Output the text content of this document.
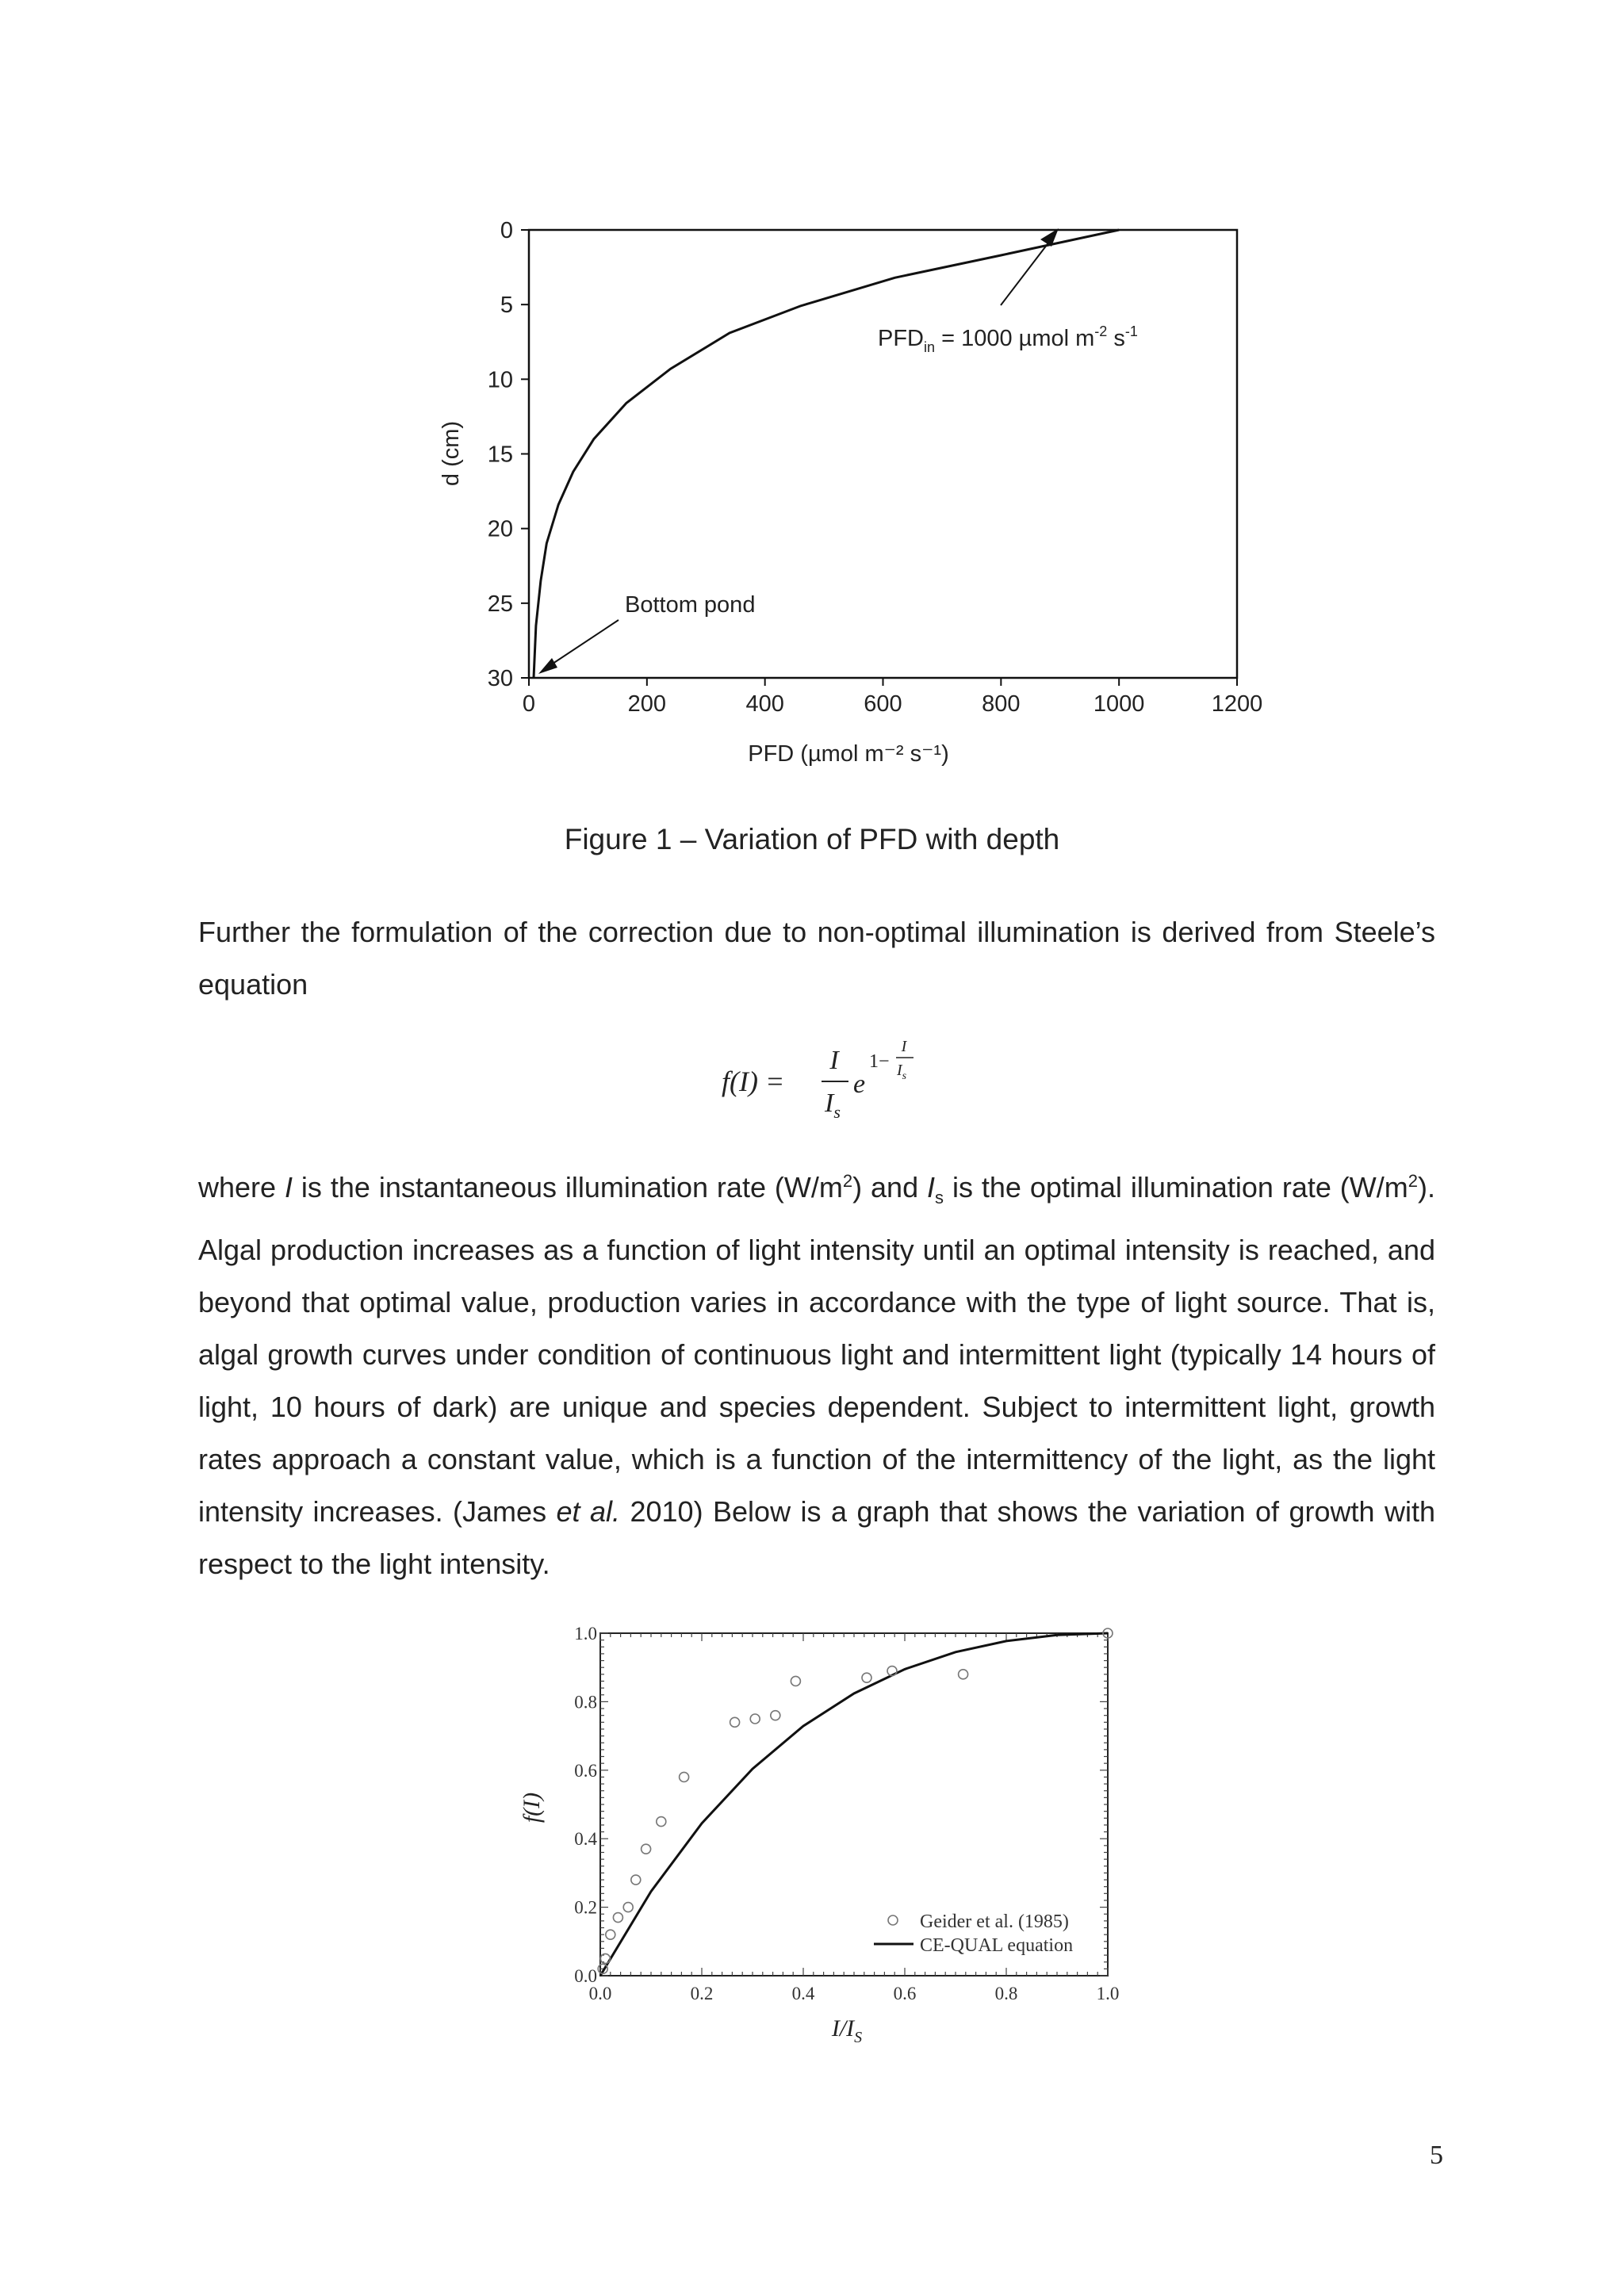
0	200	400	600	800	1000	1200
0
5
10
15
20
25
30
d (cm)
PFD (µmol m⁻² s⁻¹)
$PFD_{in} = 1000$ µmol $m^{-2}$ $s^{-1}$
Bottom pond
Figure 1 – Variation of PFD with depth

Further the formulation of the correction due to non-optimal illumination is derived from Steele’s equation

f(I) =
I
$I_s$
e
1−
I
$I_s$

where I is the instantaneous illumination rate $(W/m^2)$ and $I_s$ is the optimal illumination rate $(W/m^2)$. Algal production increases as a function of light intensity until an optimal intensity is reached, and beyond that optimal value, production varies in accordance with the type of light source. That is, algal growth curves under condition of continuous light and intermittent light (typically 14 hours of light, 10 hours of dark) are unique and species dependent. Subject to intermittent light, growth rates approach a constant value, which is a function of the intermittency of the light, as the light intensity increases. (James et al. 2010) Below is a graph that shows the variation of growth with respect to the light intensity.

0.0	0.2	0.4	0.6	0.8	1.0
0.0
0.2
0.4
0.6
0.8
1.0
f(I)
$I/I_S$
Geider et al. (1985)
CE-QUAL equation
5
